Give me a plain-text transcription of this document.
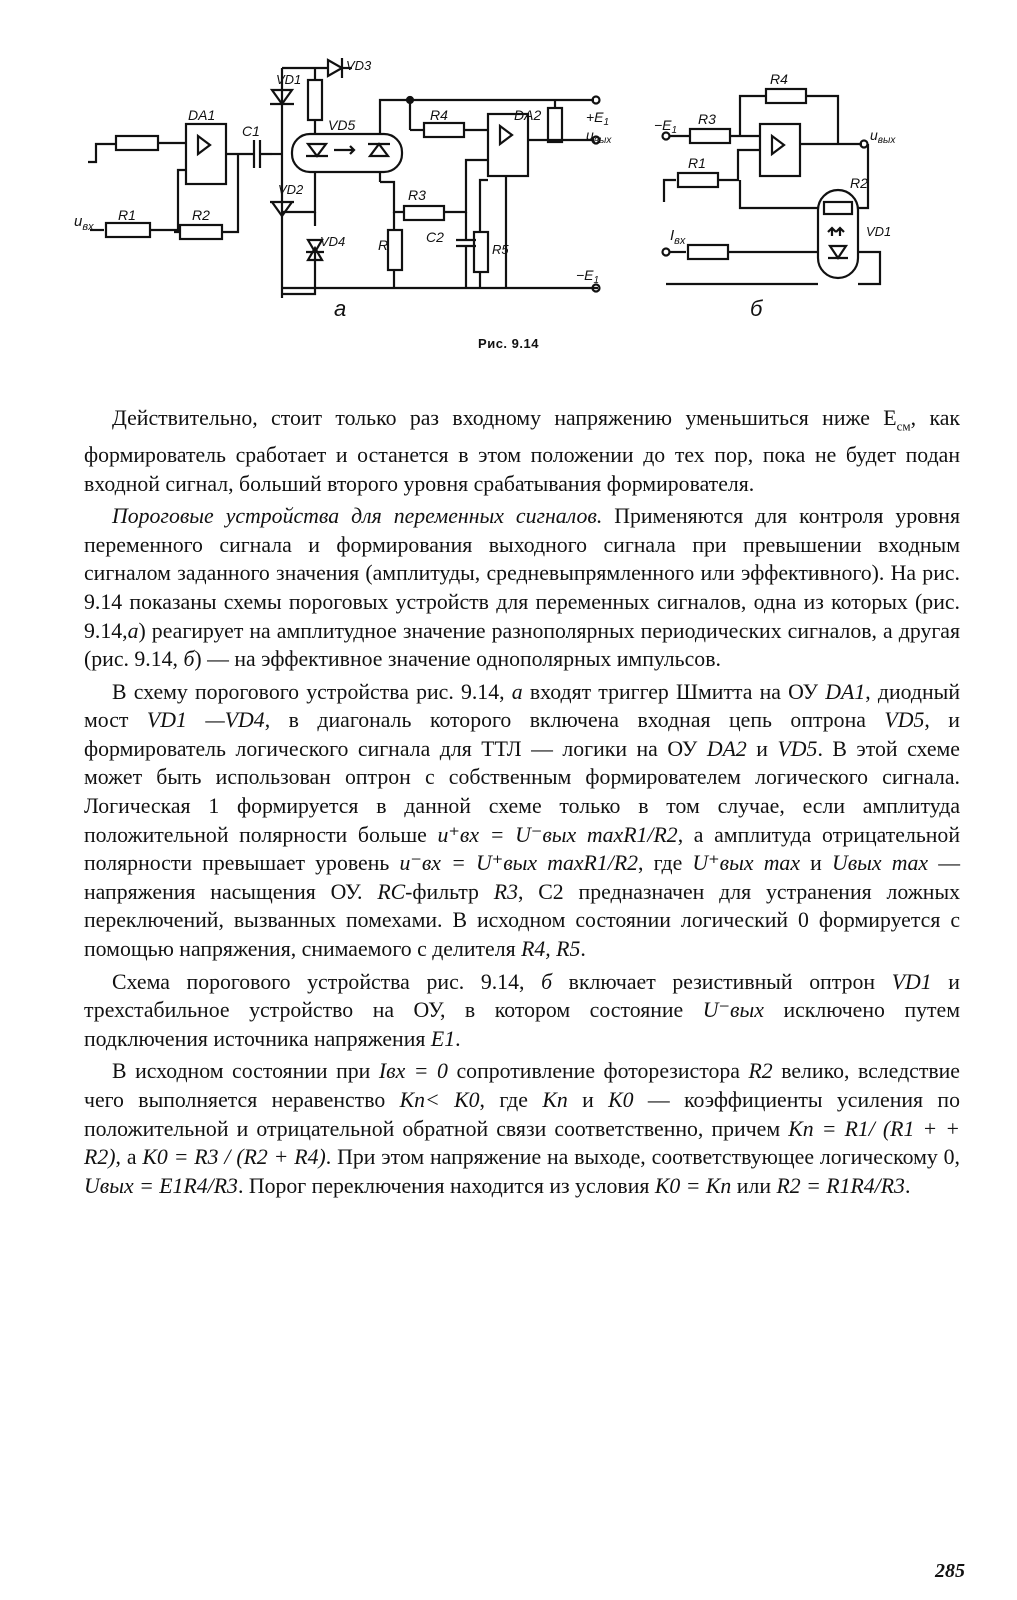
DA1
C1
VD1
VD3
VD5
VD2
VD4
R1	R2
R4	DA2
R3
R	C2
R5
$u_{вх}$
$+E_1$
$u_{вых}$
$-E_1$
а
$-E_1$
R3
R1
R4
R2
VD1
$I_{вх}$
$u_{вых}$
б
Рис. 9.14

Действительно, стоит только раз входному напряжению уменьшиться ниже $E_{см}$, как формирователь сработает и останется в этом положении до тех пор, пока не будет подан входной сигнал, больший второго уровня срабатывания формирователя.

Пороговые устройства для переменных сигналов. Применяются для контроля уровня переменного сигнала и формирования выходного сигнала при превышении входным сигналом заданного значения (амплитуды, средневыпрямленного или эффективного). На рис. 9.14 показаны схемы пороговых устройств для переменных сигналов, одна из которых (рис. 9.14,а) реагирует на амплитудное значение разнополярных периодических сигналов, а другая (рис. 9.14, б) — на эффективное значение однополярных импульсов.

В схему порогового устройства рис. 9.14, а входят триггер Шмитта на ОУ DA1, диодный мост VD1 —VD4, в диагональ которого включена входная цепь оптрона VD5, и формирователь логического сигнала для ТТЛ — логики на ОУ DA2 и VD5. В этой схеме может быть использован оптрон с собственным формирователем логического сигнала. Логическая 1 формируется в данной схеме только в том случае, если амплитуда положительной полярности больше u⁺вх = U⁻вых maxR1/R2, а амплитуда отрицательной полярности превышает уровень u⁻вх = U⁺вых maxR1/R2, где U⁺вых max и Uвых max — напряжения насыщения ОУ. RC-фильтр R3, С2 предназначен для устранения ложных переключений, вызванных помехами. В исходном состоянии логический 0 формируется с помощью напряжения, снимаемого с делителя R4, R5.

Схема порогового устройства рис. 9.14, б включает резистивный оптрон VD1 и трехстабильное устройство на ОУ, в котором состояние U⁻вых исключено путем подключения источника напряжения E1.

В исходном состоянии при Iвх = 0 сопротивление фоторезистора R2 велико, вследствие чего выполняется неравенство Kп< K0, где Kп и K0 — коэффициенты усиления по положительной и отрицательной обратной связи соответственно, причем Kп = R1/ (R1 + + R2), а K0 = R3 / (R2 + R4). При этом напряжение на выходе, соответствующее логическому 0, Uвых = E1R4/R3. Порог переключения находится из условия K0 = Kп или R2 = R1R4/R3.

285
